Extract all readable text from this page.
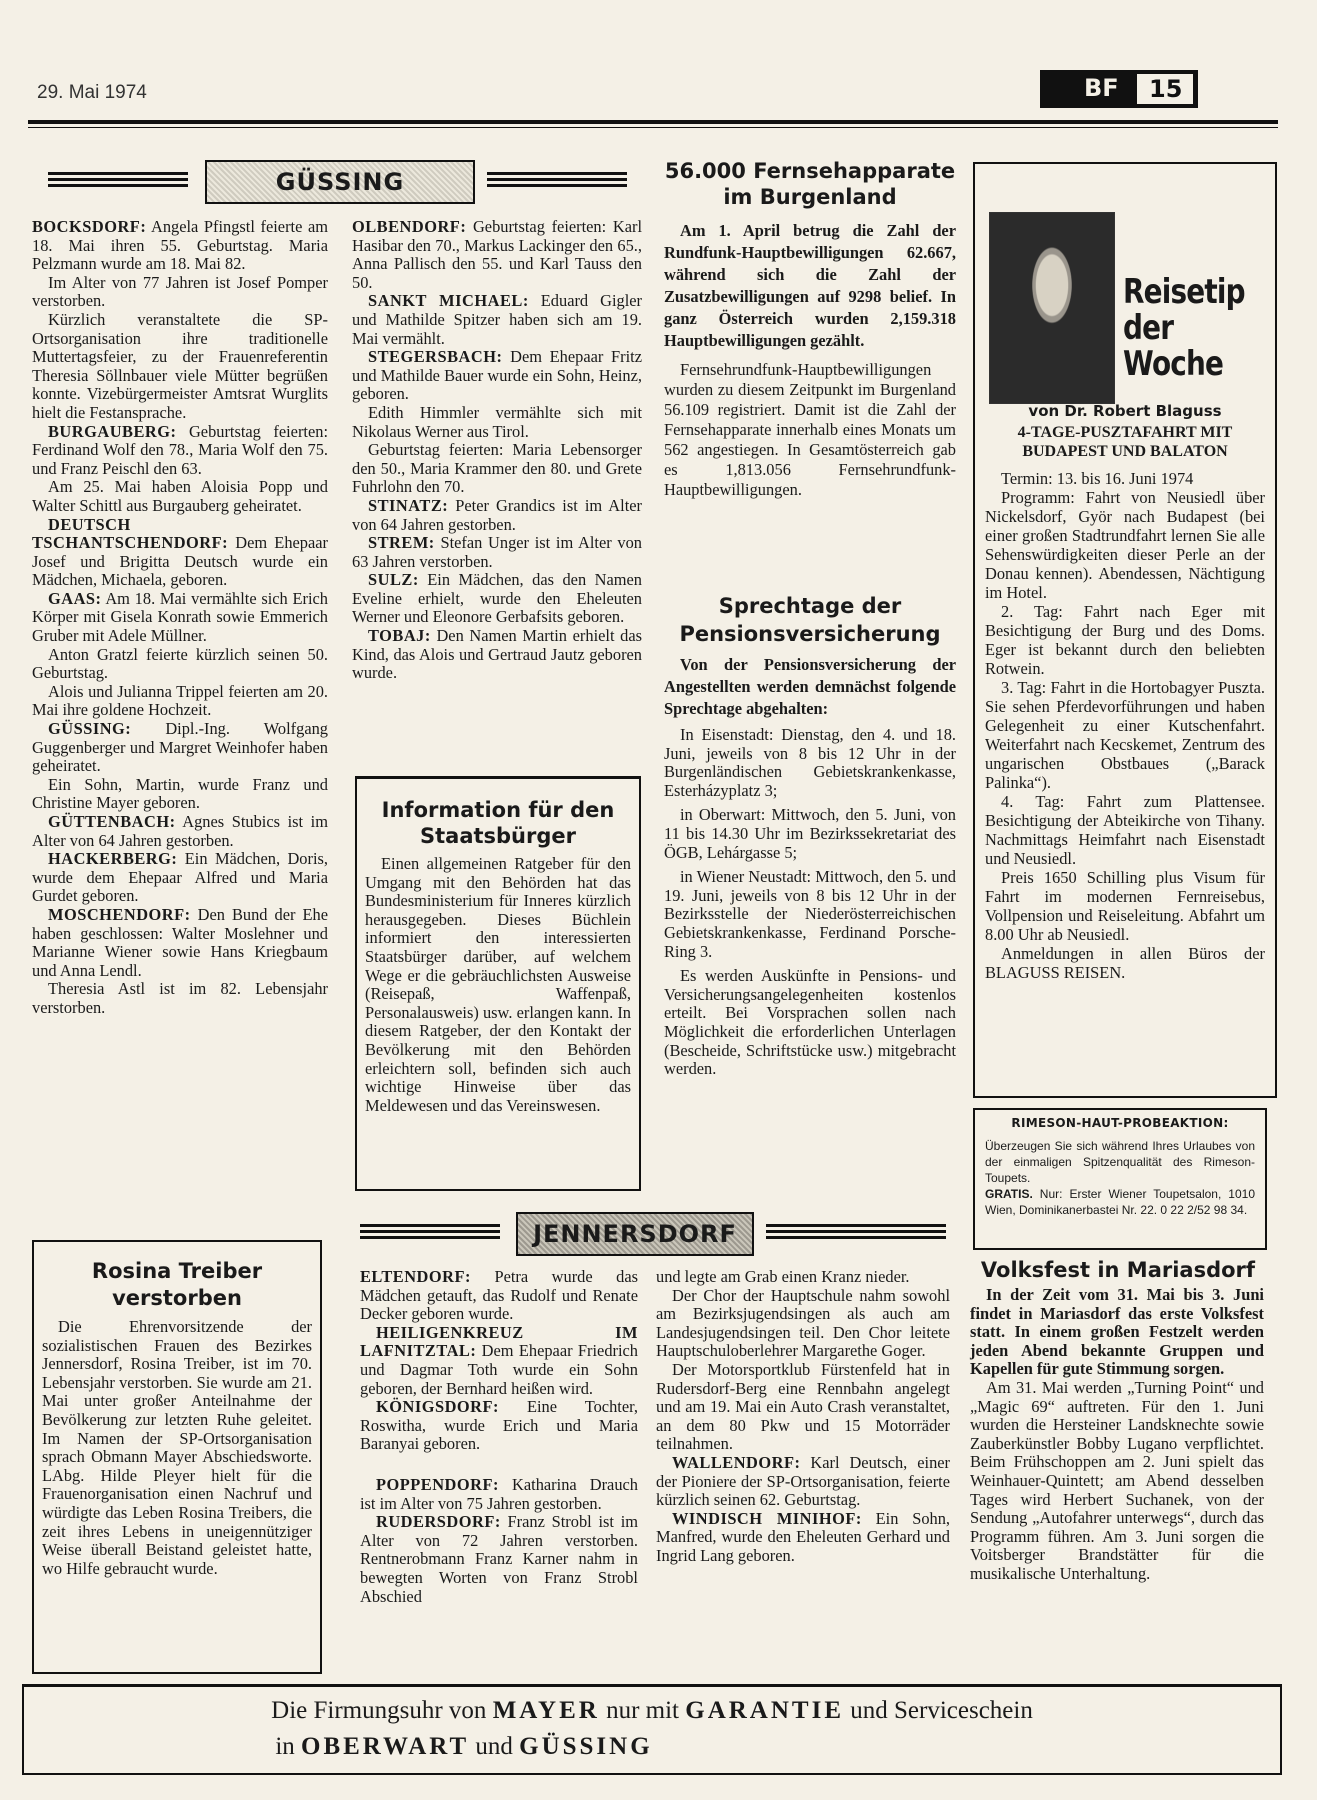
29. Mai 1974	BF 15
GÜSSING

BOCKSDORF: Angela Pfingstl feierte am 18. Mai ihren 55. Geburtstag. Maria Pelzmann wurde am 18. Mai 82.

Im Alter von 77 Jahren ist Josef Pomper verstorben.

Kürzlich veranstaltete die SP-Ortsorganisation ihre traditionelle Muttertagsfeier, zu der Frauenreferentin Theresia Söllnbauer viele Mütter begrüßen konnte. Vizebürgermeister Amtsrat Wurglits hielt die Festansprache.

BURGAUBERG: Geburtstag feierten: Ferdinand Wolf den 78., Maria Wolf den 75. und Franz Peischl den 63.

Am 25. Mai haben Aloisia Popp und Walter Schittl aus Burgauberg geheiratet.

DEUTSCH TSCHANTSCHENDORF: Dem Ehepaar Josef und Brigitta Deutsch wurde ein Mädchen, Michaela, geboren.

GAAS: Am 18. Mai vermählte sich Erich Körper mit Gisela Konrath sowie Emmerich Gruber mit Adele Müllner.

Anton Gratzl feierte kürzlich seinen 50. Geburtstag.

Alois und Julianna Trippel feierten am 20. Mai ihre goldene Hochzeit.

GÜSSING: Dipl.-Ing. Wolfgang Guggenberger und Margret Weinhofer haben geheiratet.

Ein Sohn, Martin, wurde Franz und Christine Mayer geboren.

GÜTTENBACH: Agnes Stubics ist im Alter von 64 Jahren gestorben.

HACKERBERG: Ein Mädchen, Doris, wurde dem Ehepaar Alfred und Maria Gurdet geboren.

MOSCHENDORF: Den Bund der Ehe haben geschlossen: Walter Moslehner und Marianne Wiener sowie Hans Kriegbaum und Anna Lendl.

Theresia Astl ist im 82. Lebensjahr verstorben.

OLBENDORF: Geburtstag feierten: Karl Hasibar den 70., Markus Lackinger den 65., Anna Pallisch den 55. und Karl Tauss den 50.

SANKT MICHAEL: Eduard Gigler und Mathilde Spitzer haben sich am 19. Mai vermählt.

STEGERSBACH: Dem Ehepaar Fritz und Mathilde Bauer wurde ein Sohn, Heinz, geboren.

Edith Himmler vermählte sich mit Nikolaus Werner aus Tirol.

Geburtstag feierten: Maria Lebensorger den 50., Maria Krammer den 80. und Grete Fuhrlohn den 70.

STINATZ: Peter Grandics ist im Alter von 64 Jahren gestorben.

STREM: Stefan Unger ist im Alter von 63 Jahren verstorben.

SULZ: Ein Mädchen, das den Namen Eveline erhielt, wurde den Eheleuten Werner und Eleonore Gerbafsits geboren.

TOBAJ: Den Namen Martin erhielt das Kind, das Alois und Gertraud Jautz geboren wurde.

Information für den
Staatsbürger

Einen allgemeinen Ratgeber für den Umgang mit den Behörden hat das Bundesministerium für Inneres kürzlich herausgegeben. Dieses Büchlein informiert den interessierten Staatsbürger darüber, auf welchem Wege er die gebräuchlichsten Ausweise (Reisepaß, Waffenpaß, Personalausweis) usw. erlangen kann. In diesem Ratgeber, der den Kontakt der Bevölkerung mit den Behörden erleichtern soll, befinden sich auch wichtige Hinweise über das Meldewesen und das Vereinswesen.

56.000 Fernsehapparate
im Burgenland

Am 1. April betrug die Zahl der Rundfunk-Hauptbewilligungen 62.667, während sich die Zahl der Zusatzbewilligungen auf 9298 belief. In ganz Österreich wurden 2,159.318 Hauptbewilligungen gezählt.

Fernsehrundfunk-Hauptbewilligungen wurden zu diesem Zeitpunkt im Burgenland 56.109 registriert. Damit ist die Zahl der Fernsehapparate innerhalb eines Monats um 562 angestiegen. In Gesamtösterreich gab es 1,813.056 Fernsehrundfunk-Hauptbewilligungen.

Sprechtage der
Pensionsversicherung

Von der Pensionsversicherung der Angestellten werden demnächst folgende Sprechtage abgehalten:

In Eisenstadt: Dienstag, den 4. und 18. Juni, jeweils von 8 bis 12 Uhr in der Burgenländischen Gebietskrankenkasse, Esterházyplatz 3;

in Oberwart: Mittwoch, den 5. Juni, von 11 bis 14.30 Uhr im Bezirkssekretariat des ÖGB, Lehárgasse 5;

in Wiener Neustadt: Mittwoch, den 5. und 19. Juni, jeweils von 8 bis 12 Uhr in der Bezirksstelle der Niederösterreichischen Gebietskrankenkasse, Ferdinand Porsche-Ring 3.

Es werden Auskünfte in Pensions- und Versicherungsangelegenheiten kostenlos erteilt. Bei Vorsprachen sollen nach Möglichkeit die erforderlichen Unterlagen (Bescheide, Schriftstücke usw.) mitgebracht werden.

Reisetip
der
Woche
von Dr. Robert Blaguss
4-TAGE-PUSZTAFAHRT MIT
BUDAPEST UND BALATON

Termin: 13. bis 16. Juni 1974

Programm: Fahrt von Neusiedl über Nickelsdorf, Györ nach Budapest (bei einer großen Stadtrundfahrt lernen Sie alle Sehenswürdigkeiten dieser Perle an der Donau kennen). Abendessen, Nächtigung im Hotel.

2. Tag: Fahrt nach Eger mit Besichtigung der Burg und des Doms. Eger ist bekannt durch den beliebten Rotwein.

3. Tag: Fahrt in die Hortobagyer Puszta. Sie sehen Pferdevorführungen und haben Gelegenheit zu einer Kutschenfahrt. Weiterfahrt nach Kecskemet, Zentrum des ungarischen Obstbaues („Barack Palinka“).

4. Tag: Fahrt zum Plattensee. Besichtigung der Abteikirche von Tihany. Nachmittags Heimfahrt nach Eisenstadt und Neusiedl.

Preis 1650 Schilling plus Visum für Fahrt im modernen Fernreisebus, Vollpension und Reiseleitung. Abfahrt um 8.00 Uhr ab Neusiedl.

Anmeldungen in allen Büros der BLAGUSS REISEN.

RIMESON-HAUT-PROBEAKTION:
Überzeugen Sie sich während Ihres Urlaubes von der einmaligen Spitzenqualität des Rimeson-Toupets.
GRATIS. Nur: Erster Wiener Toupetsalon, 1010 Wien, Dominikanerbastei Nr. 22. 0 22 2/52 98 34.
JENNERSDORF
Rosina Treiber
verstorben

Die Ehrenvorsitzende der sozialistischen Frauen des Bezirkes Jennersdorf, Rosina Treiber, ist im 70. Lebensjahr verstorben. Sie wurde am 21. Mai unter großer Anteilnahme der Bevölkerung zur letzten Ruhe geleitet. Im Namen der SP-Ortsorganisation sprach Obmann Mayer Abschiedsworte. LAbg. Hilde Pleyer hielt für die Frauenorganisation einen Nachruf und würdigte das Leben Rosina Treibers, die zeit ihres Lebens in uneigennütziger Weise überall Beistand geleistet hatte, wo Hilfe gebraucht wurde.

ELTENDORF: Petra wurde das Mädchen getauft, das Rudolf und Renate Decker geboren wurde.

HEILIGENKREUZ IM LAFNITZTAL: Dem Ehepaar Friedrich und Dagmar Toth wurde ein Sohn geboren, der Bernhard heißen wird.

KÖNIGSDORF: Eine Tochter, Roswitha, wurde Erich und Maria Baranyai geboren.

POPPENDORF: Katharina Drauch ist im Alter von 75 Jahren gestorben.

RUDERSDORF: Franz Strobl ist im Alter von 72 Jahren verstorben. Rentnerobmann Franz Karner nahm in bewegten Worten von Franz Strobl Abschied

und legte am Grab einen Kranz nieder.

Der Chor der Hauptschule nahm sowohl am Bezirksjugendsingen als auch am Landesjugendsingen teil. Den Chor leitete Hauptschuloberlehrer Margarethe Goger.

Der Motorsportklub Fürstenfeld hat in Rudersdorf-Berg eine Rennbahn angelegt und am 19. Mai ein Auto Crash veranstaltet, an dem 80 Pkw und 15 Motorräder teilnahmen.

WALLENDORF: Karl Deutsch, einer der Pioniere der SP-Ortsorganisation, feierte kürzlich seinen 62. Geburtstag.

WINDISCH MINIHOF: Ein Sohn, Manfred, wurde den Eheleuten Gerhard und Ingrid Lang geboren.

Volksfest in Mariasdorf

In der Zeit vom 31. Mai bis 3. Juni findet in Mariasdorf das erste Volksfest statt. In einem großen Festzelt werden jeden Abend bekannte Gruppen und Kapellen für gute Stimmung sorgen.

Am 31. Mai werden „Turning Point“ und „Magic 69“ auftreten. Für den 1. Juni wurden die Hersteiner Landsknechte sowie Zauberkünstler Bobby Lugano verpflichtet. Beim Frühschoppen am 2. Juni spielt das Weinhauer-Quintett; am Abend desselben Tages wird Herbert Suchanek, von der Sendung „Autofahrer unterwegs“, durch das Programm führen. Am 3. Juni sorgen die Voitsberger Brandstätter für die musikalische Unterhaltung.

Die Firmungsuhr von MAYER nur mit GARANTIE und Serviceschein
in OBERWART und GÜSSING
